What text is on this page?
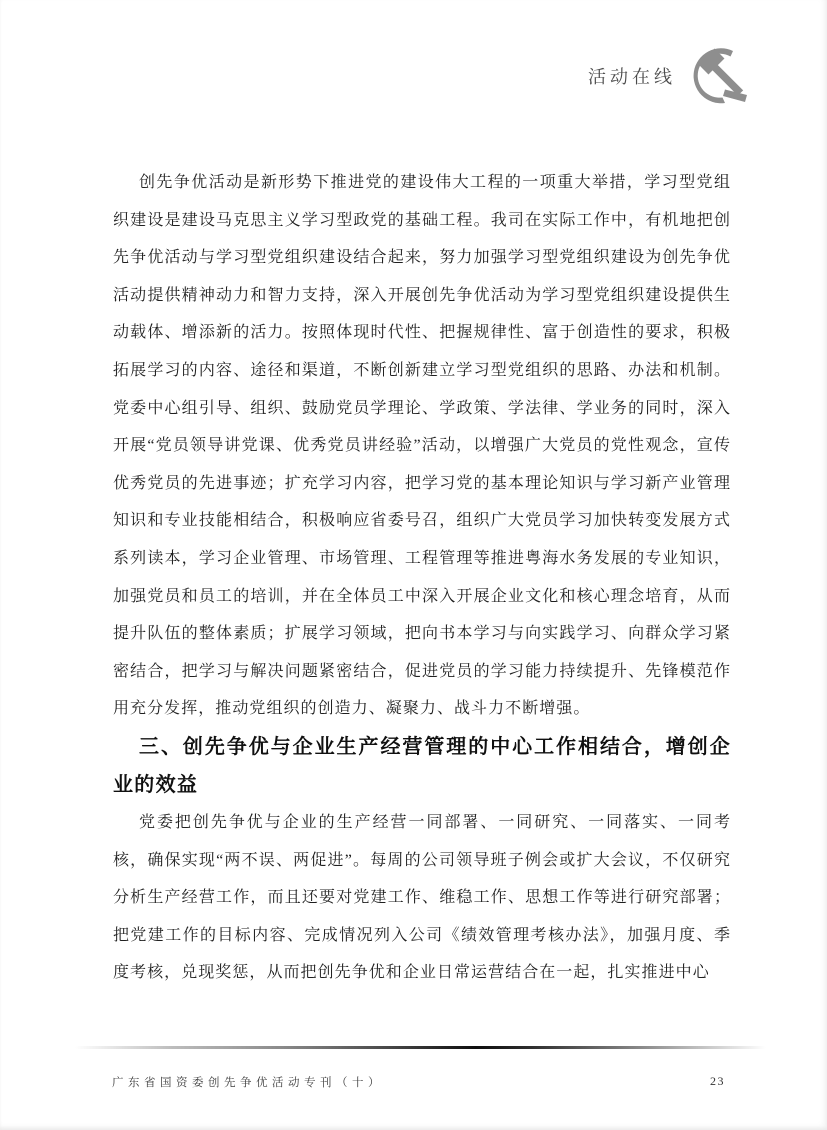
活动在线

创先争优活动是新形势下推进党的建设伟大工程的一项重大举措，学习型党组织建设是建设马克思主义学习型政党的基础工程。我司在实际工作中，有机地把创先争优活动与学习型党组织建设结合起来，努力加强学习型党组织建设为创先争优活动提供精神动力和智力支持，深入开展创先争优活动为学习型党组织建设提供生动载体、增添新的活力。按照体现时代性、把握规律性、富于创造性的要求，积极拓展学习的内容、途径和渠道，不断创新建立学习型党组织的思路、办法和机制。党委中心组引导、组织、鼓励党员学理论、学政策、学法律、学业务的同时，深入开展“党员领导讲党课、优秀党员讲经验”活动，以增强广大党员的党性观念，宣传优秀党员的先进事迹；扩充学习内容，把学习党的基本理论知识与学习新产业管理知识和专业技能相结合，积极响应省委号召，组织广大党员学习加快转变发展方式系列读本，学习企业管理、市场管理、工程管理等推进粤海水务发展的专业知识，加强党员和员工的培训，并在全体员工中深入开展企业文化和核心理念培育，从而提升队伍的整体素质；扩展学习领域，把向书本学习与向实践学习、向群众学习紧密结合，把学习与解决问题紧密结合，促进党员的学习能力持续提升、先锋模范作用充分发挥，推动党组织的创造力、凝聚力、战斗力不断增强。

三、创先争优与企业生产经营管理的中心工作相结合，增创企业的效益

党委把创先争优与企业的生产经营一同部署、一同研究、一同落实、一同考核，确保实现“两不误、两促进”。每周的公司领导班子例会或扩大会议，不仅研究分析生产经营工作，而且还要对党建工作、维稳工作、思想工作等进行研究部署；把党建工作的目标内容、完成情况列入公司《绩效管理考核办法》，加强月度、季度考核，兑现奖惩，从而把创先争优和企业日常运营结合在一起，扎实推进中心

广东省国资委创先争优活动专刊（十）	23
